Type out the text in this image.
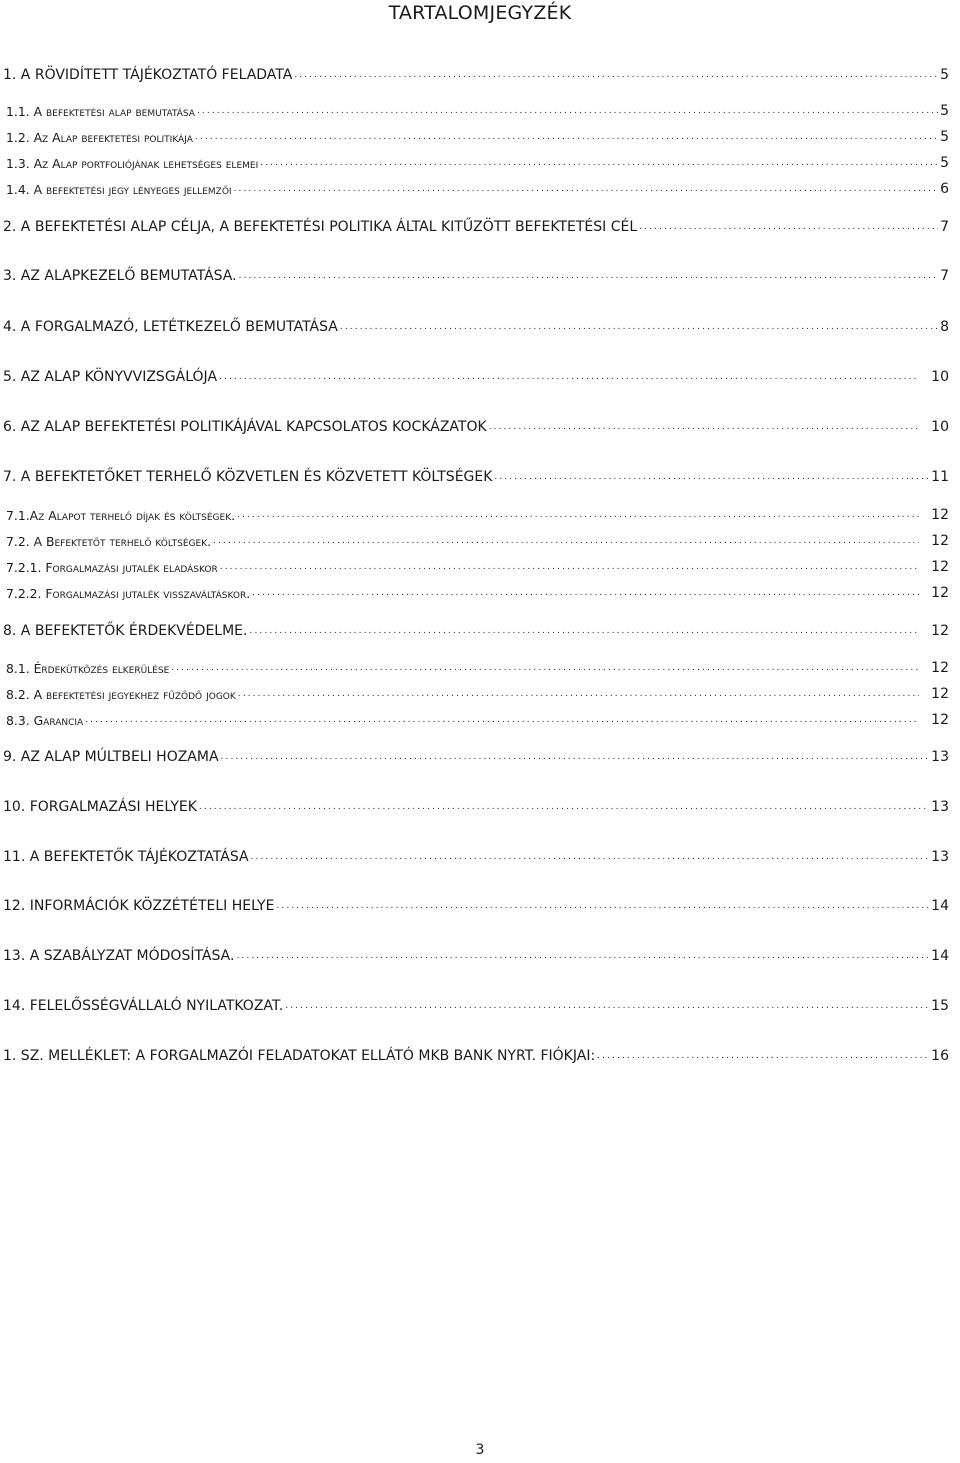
TARTALOMJEGYZÉK
1. A RÖVIDÍTETT TÁJÉKOZTATÓ FELADATA .....	5
1.1. A befektetési alap bemutatása .....	5
1.2. Az Alap befektetési politikája .....	5
1.3. Az Alap portfoliójának lehetséges elemei .....	5
1.4. A befektetési jegy lényeges jellemzői .....	6
2. A BEFEKTETÉSI ALAP CÉLJA, A BEFEKTETÉSI POLITIKA ÁLTAL KITŰZÖTT BEFEKTETÉSI CÉL .....	7
3. AZ ALAPKEZELŐ BEMUTATÁSA. .....	7
4. A FORGALMAZÓ, LETÉTKEZELŐ BEMUTATÁSA .....	8
5. AZ ALAP KÖNYVVIZSGÁLÓJA .....	10
6. AZ ALAP BEFEKTETÉSI POLITIKÁJÁVAL KAPCSOLATOS KOCKÁZATOK .....	10
7. A BEFEKTETŐKET TERHELŐ KÖZVETLEN ÉS KÖZVETETT KÖLTSÉGEK .....	11
7.1.Az Alapot terhelő díjak és költségek. .....	12
7.2. A Befektetőt terhelő költségek. .....	12
7.2.1. Forgalmazási jutalék eladáskor .....	12
7.2.2. Forgalmazási jutalék visszaváltáskor. .....	12
8. A BEFEKTETŐK ÉRDEKVÉDELME. .....	12
8.1. Érdekütközés elkerülése .....	12
8.2. A befektetési jegyekhez fűződő jogok .....	12
8.3. Garancia .....	12
9. AZ ALAP MÚLTBELI HOZAMA .....	13
10. FORGALMAZÁSI HELYEK .....	13
11. A BEFEKTETŐK TÁJÉKOZTATÁSA .....	13
12. INFORMÁCIÓK KÖZZÉTÉTELI HELYE .....	14
13. A SZABÁLYZAT MÓDOSÍTÁSA. .....	14
14. FELELŐSSÉGVÁLLALÓ NYILATKOZAT. .....	15
1. SZ. MELLÉKLET: A FORGALMAZÓI FELADATOKAT ELLÁTÓ MKB BANK NYRT. FIÓKJAI: .....	16
3
